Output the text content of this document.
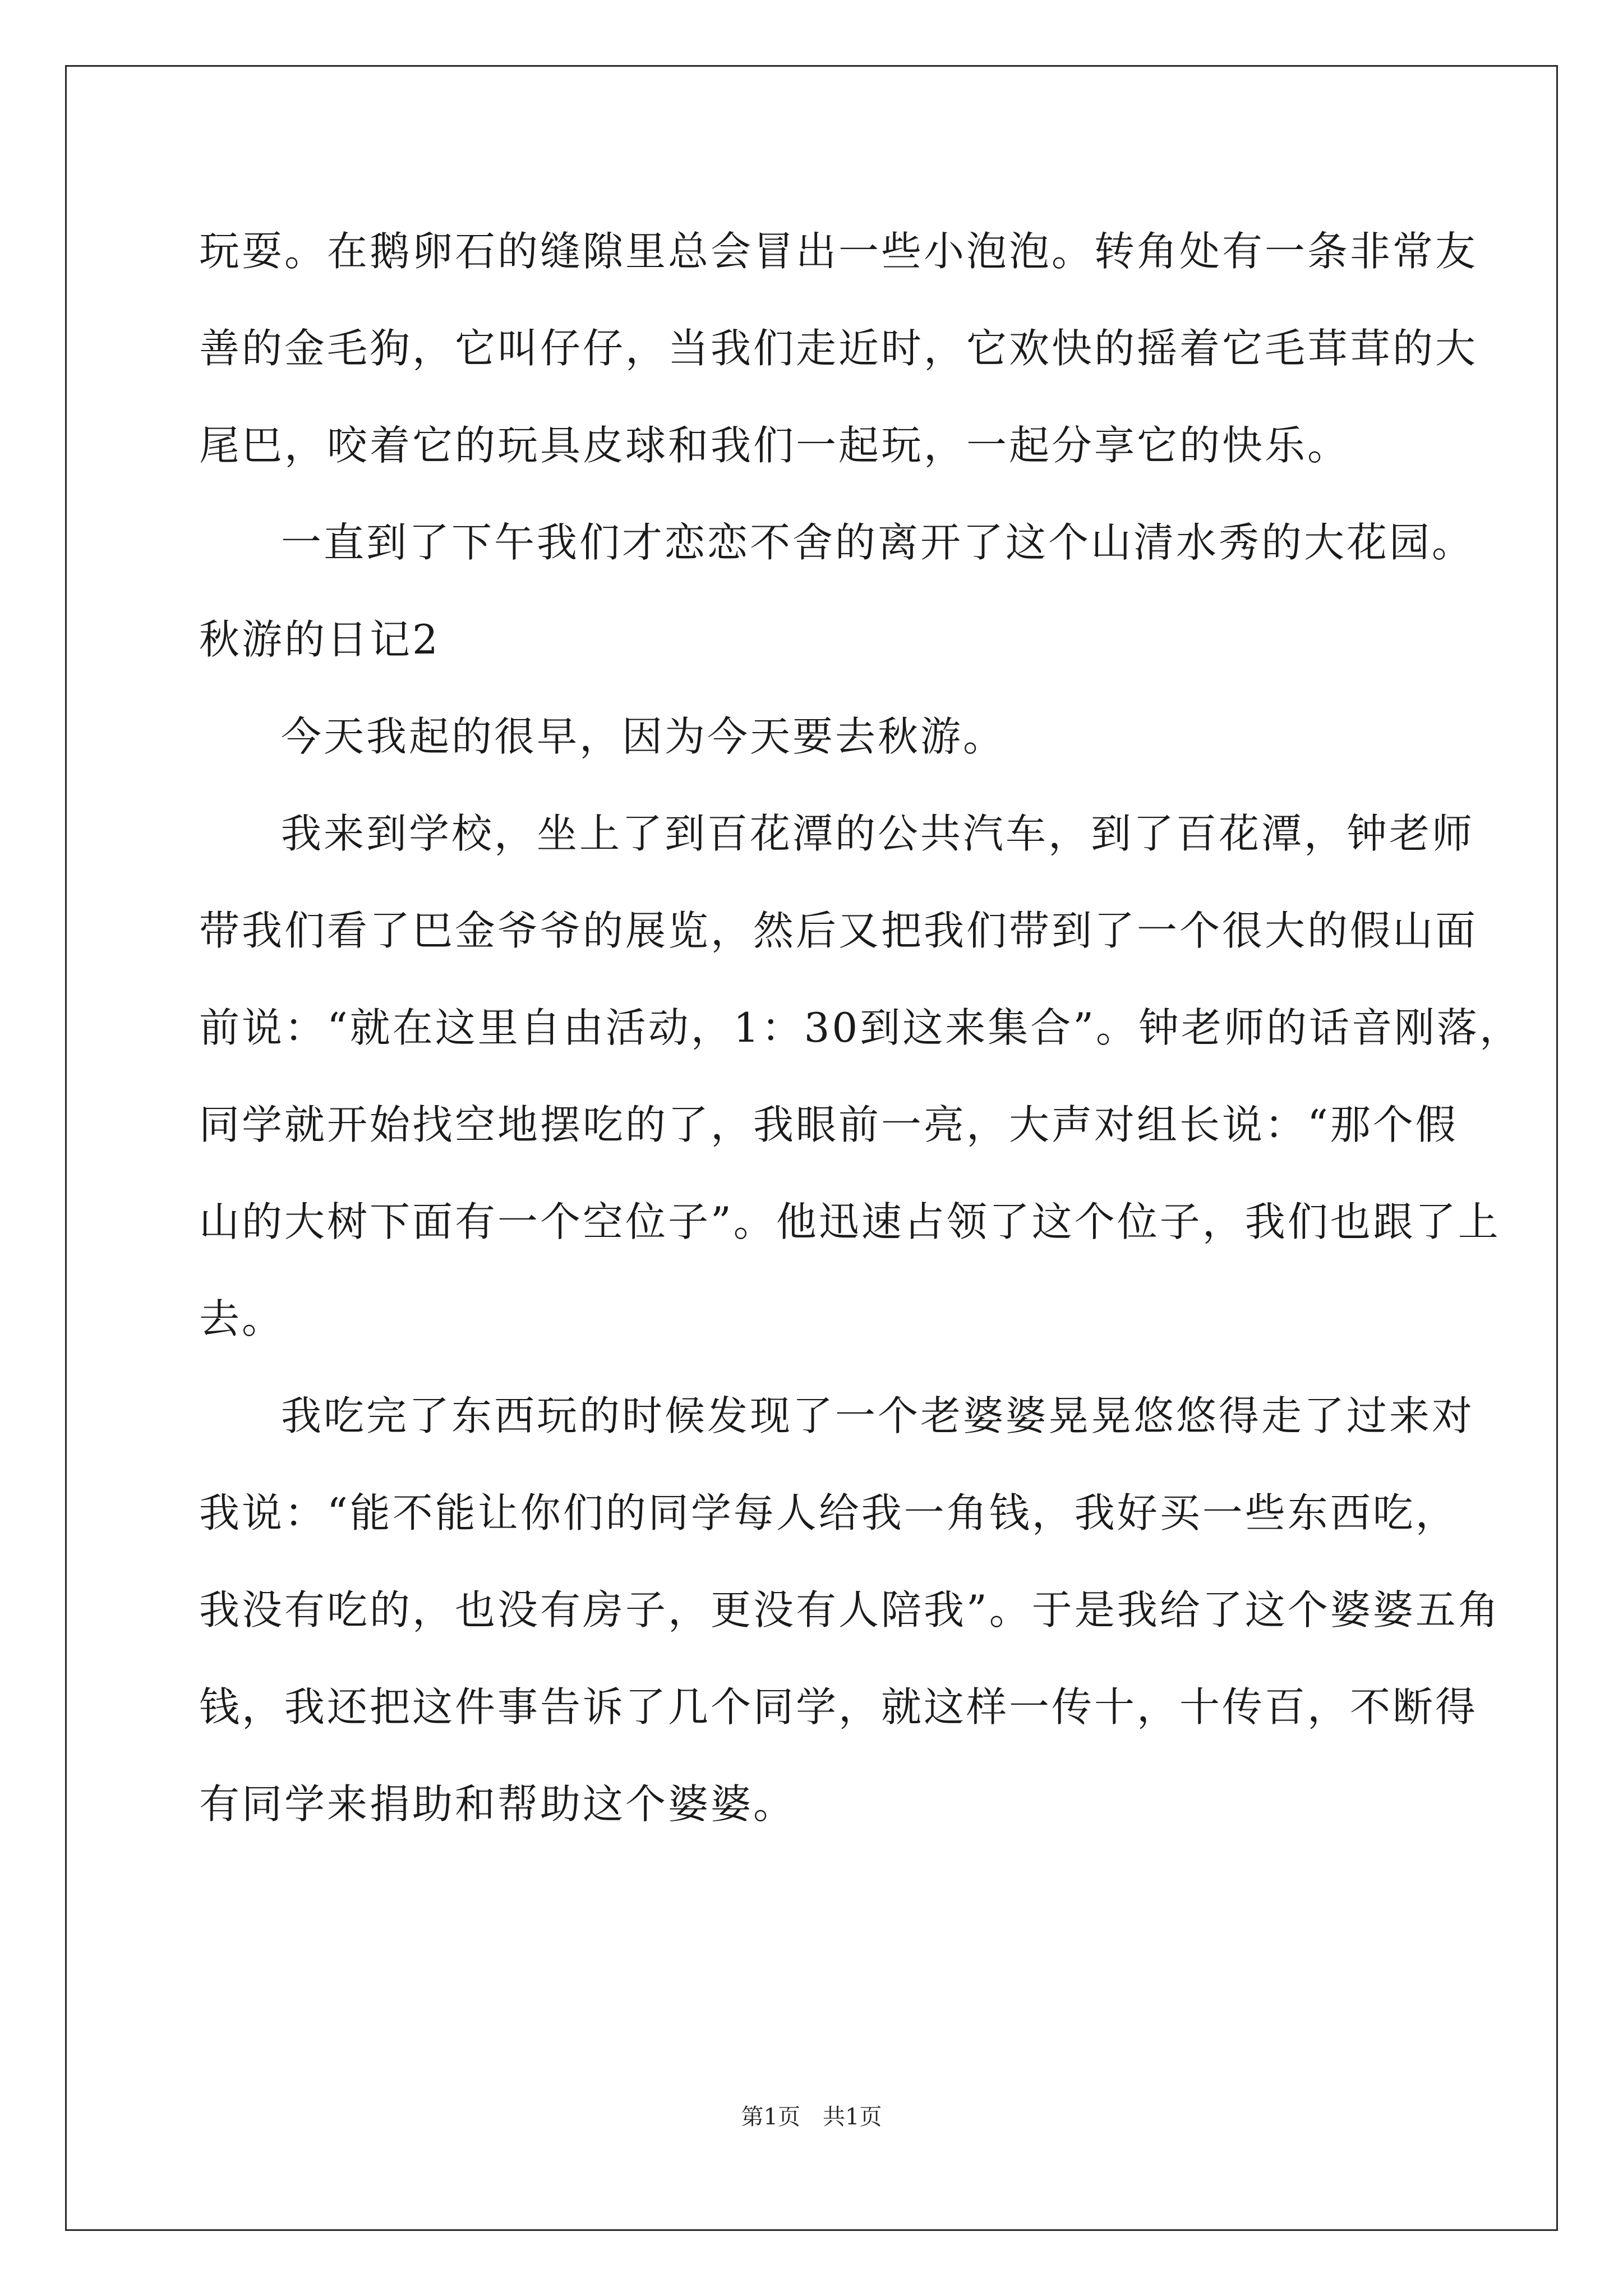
玩耍。在鹅卵石的缝隙里总会冒出一些小泡泡。转角处有一条非常友
善的金毛狗，它叫仔仔，当我们走近时，它欢快的摇着它毛茸茸的大
尾巴，咬着它的玩具皮球和我们一起玩，一起分享它的快乐。
一直到了下午我们才恋恋不舍的离开了这个山清水秀的大花园。
秋游的日记2
今天我起的很早，因为今天要去秋游。
我来到学校，坐上了到百花潭的公共汽车，到了百花潭，钟老师
带我们看了巴金爷爷的展览，然后又把我们带到了一个很大的假山面
前说：“就在这里自由活动，1：30到这来集合”。钟老师的话音刚落，
同学就开始找空地摆吃的了，我眼前一亮，大声对组长说：“那个假
山的大树下面有一个空位子”。他迅速占领了这个位子，我们也跟了上
去。
我吃完了东西玩的时候发现了一个老婆婆晃晃悠悠得走了过来对
我说：“能不能让你们的同学每人给我一角钱，我好买一些东西吃，
我没有吃的，也没有房子，更没有人陪我”。于是我给了这个婆婆五角
钱，我还把这件事告诉了几个同学，就这样一传十，十传百，不断得
有同学来捐助和帮助这个婆婆。
第1页　共1页
